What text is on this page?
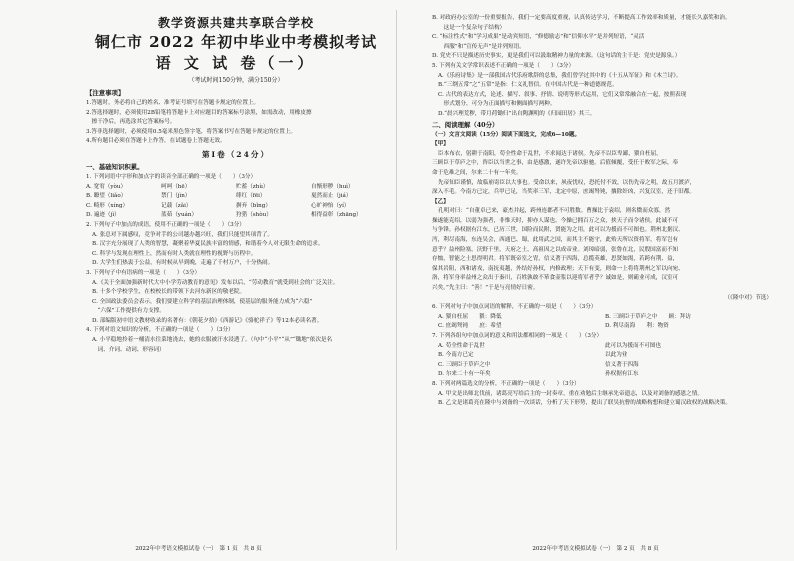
教学资源共建共享联合学校
铜仁市 2022 年初中毕业中考模拟考试
语 文 试 卷（一）
（考试时间150分钟，满分150分）
【注意事项】
1.答题时，务必将自己的姓名、准考证号填写在答题卡规定的位置上。
2.答选择题时，必须使用2B铅笔将答题卡上对应题目的答案标号涂黑，如需改动，用橡皮擦
　擦干净后，再选涂其它答案标号。
3.答非选择题时，必须使用0.5毫米黑色签字笔，将答案书写在答题卡规定的位置上。
4.所有题目必须在答题卡上作答，在试题卷上答题无效。
第Ⅰ卷（24分）
一、基础知识积累。
1. 下列词语中字形和加点字的读音全部正确的一项是（　　）（3分）
A. 宽宥（yòu）	呵呵（hē）	贮蓄（zhù）	自惭形秽（huì）
B. 瞭望（liǎo）	禁门（jìn）	绯红（fēi）	戛然而止（jiá）
C. 畸形（xíng）	记载（zǎi）	摒弃（bǐng）	心旷神怡（yí）
D. 遍迹（jì）	蓝茹（yuán）	狩猎（shòu）	相得益彰（zhāng）
2. 下列句子中加点的成语，使用不正确的一项是（　　）（3分）
A. 张总对下属感叹，竞争对手的公司越办越兴旺，我们只能望其项背了。
B. 汉字充分展现了人类的智慧，凝聚着华夏民族丰富的情感，和谐着今人对无限生命的追求。
C. 科学与发现在理性上，然而有时人类就在理性的视野与历程中。
D. 大学生们热衷于公益，有时候从早到晚，走遍了千村万户，十分热闹。
3. 下列句子中有语病的一项是（　　）（3分）
A.《关于全面加强新时代大中小学劳动教育的意见》发布以后，“劳动教育”就受到社会的广泛关注。
B. 十多个学校学生，在校校长的带领下去河东新区的敬老院。
C. 全国政法委员会表示，我们要建立科学的基层治理体制，使基层的服务能力成为“六稳”
　“六保”工作提供有力支撑。
D. 部编版初中语文教材收录的名著有：《朝花夕拾》《西游记》《骆驼祥子》等12本必读名著。
4. 下列对语文知识的分析，不正确的一项是（　　）（3分）
A. 小平稳地拎着一桶清水往菜地浇去，她的衣服被汗水浸透了。（句中“小平”“从”“锄地”依次是名
　词、介词、动词、形容词）
2022年中考语文模拟试卷（一）　第 1 页　共 8 页
B. 对政府办公室的一份重要报告，我们一定要高度重视，认真传达学习，不断提高工作效率和质量，才能长久嘉奖和治。
　这是一个复杂句子结构）
C. “标注性式”和“学习成果”是动宾短语，“修德励志”和“信仰水平”是并列短语，“灵活
　西服”和“宣传无声”是并列短语。
D. 党史不只是描述历史事实，更是我们可以汲取精神力量的来源。（这句话的主干是：党史是源泉。）
5. 下列有关文学常识表述不正确的一项是（　　）（3分）
A.《乐府诗集》是一部我国古代乐府歌辞的总集，我们曾学过其中的《十五从军征》和《木兰诗》。
B.“三纲五常”之“五常”是指：仁义礼智信。在中国古代是一种道德规范。
C. 古代的表达方式，论述、描写、叙事、抒情、说明等形式运用，它们又常常融合在一起，按照表现
　形式划分，可分为正面描写和侧面描写两种。
D.“晨兴理荒秽，带月荷锄归”出自陶渊明的《归园田居》其三。
二、阅读理解（40分）
（一）文言文阅读（15分）阅读下面选文，完成6—10题。
【甲】
臣本布衣，躬耕于南阳，苟全性命于乱世，不求闻达于诸侯。先帝不以臣卑鄙，猥自枉屈，
三顾臣于草庐之中，咨臣以当世之事，由是感激，遂许先帝以驱驰。后值倾覆，受任于败军之际，奉
命于危难之间，尔来二十有一年矣。
先帝知臣谨慎，故临崩寄臣以大事也。受命以来，夙夜忧叹，恐托付不效，以伤先帝之明，故五月渡泸，
深入不毛。今南方已定，兵甲已足，当奖率三军，北定中原，庶竭驽钝，攘除奸凶，兴复汉室，还于旧都。
【乙】
孔明对曰：“自董卓已来，豪杰并起，跨州连郡者不可胜数。曹操比于袁绍，则名微而众寡，然
操遂能克绍，以弱为强者，非惟天时，抑亦人谋也。今操已拥百万之众，挟天子而令诸侯，此诚不可
与争锋。孙权据有江东，已历三世，国险而民附，贤能为之用，此可以为援而不可图也。荆州北据汉、
沔，利尽南海，东连吴会，西通巴、蜀，此用武之国，而其主不能守，此殆天所以资将军，将军岂有
意乎？益州险塞，沃野千里，天府之土，高祖因之以成帝业。刘璋暗弱，张鲁在北，民殷国富而不知
存恤，智能之士思得明君。将军既帝室之胄，信义著于四海，总揽英雄，思贤如渴，若跨有荆、益，
保其岩阻，西和诸戎，南抚夷越，外结好孙权，内修政理；天下有变，则命一上将将荆州之军以向宛、
洛，将军身率益州之众出于秦川，百姓孰敢不箪食壶浆以迎将军者乎？诚如是，则霸业可成，汉室可
兴矣。”先主曰：“善！”于是与亮情好日密。
（《隆中对》节选）
6. 下列对句子中加点词语的解释，不正确的一项是（　　）（3分）
A. 猥自枉屈　　猥：降低	B. 三顾臣于草庐之中　　顾：拜访
C. 庶竭驽钝　　庶：希望	D. 利尽南海　　利：物资
7. 下列各组句中加点词的意义和用法都相同的一项是（　　）（3分）
A. 苟全性命于乱世	此可以为援而不可图也
B. 今南方已定	以此为业
C. 三顾臣于草庐之中	信义著于四海
D. 尔来二十有一年矣	孙权据有江东
8. 下列对两篇选文的分析，不正确的一项是（　　）（3分）
A. 甲文是出师北伐前，诸葛亮写给后主的一封奏章，重在劝勉后主继承先帝遗志，以及对刘备的感恩之情。
B. 乙文是诸葛亮在隆中与刘备的一次谈话，分析了天下形势，提出了联吴抗曹的战略构想和建立蜀汉政权的战略决策。
2022年中考语文模拟试卷（一）　第 2 页　共 8 页
